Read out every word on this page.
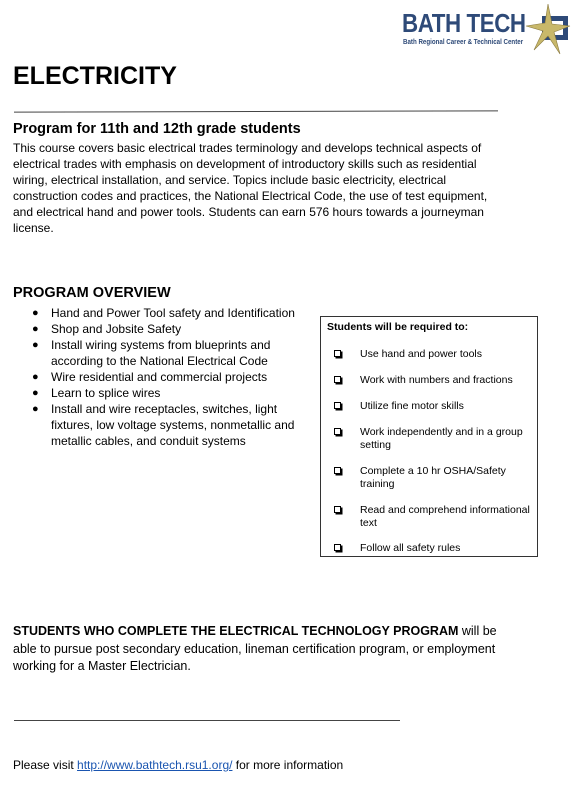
BATH TECH
Bath Regional Career & Technical Center
ELECTRICITY
Program for 11th and 12th grade students

This course covers basic electrical trades terminology and develops technical aspects of electrical trades with emphasis on development of introductory skills such as residential wiring, electrical installation, and service. Topics include basic electricity, electrical construction codes and practices, the National Electrical Code, the use of test equipment, and electrical hand and power tools. Students can earn 576 hours towards a journeyman license.

PROGRAM OVERVIEW
● Hand and Power Tool safety and Identification
● Shop and Jobsite Safety
● Install wiring systems from blueprints and according to the National Electrical Code
● Wire residential and commercial projects
● Learn to splice wires
● Install and wire receptacles, switches, light fixtures, low voltage systems, nonmetallic and metallic cables, and conduit systems
Students will be required to:
Use hand and power tools
Work with numbers and fractions
Utilize fine motor skills
Work independently and in a group setting
Complete a 10 hr OSHA/Safety training
Read and comprehend informational text
Follow all safety rules

STUDENTS WHO COMPLETE THE ELECTRICAL TECHNOLOGY PROGRAM will be able to pursue post secondary education, lineman certification program, or employment working for a Master Electrician.

Please visit http://www.bathtech.rsu1.org/ for more information
